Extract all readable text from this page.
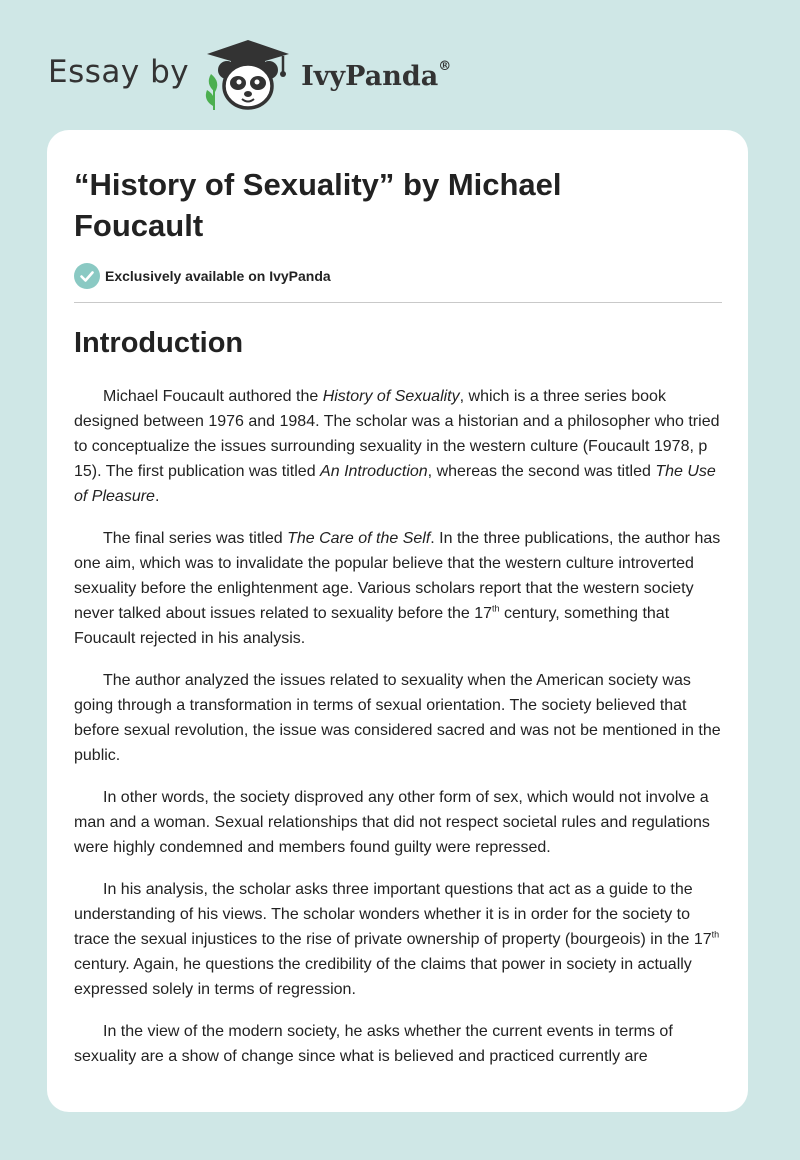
Essay by	IvyPanda®
“History of Sexuality” by Michael Foucault
Exclusively available on IvyPanda
Introduction

Michael Foucault authored the History of Sexuality, which is a three series book designed between 1976 and 1984. The scholar was a historian and a philosopher who tried to conceptualize the issues surrounding sexuality in the western culture (Foucault 1978, p 15). The first publication was titled An Introduction, whereas the second was titled The Use of Pleasure.

The final series was titled The Care of the Self. In the three publications, the author has one aim, which was to invalidate the popular believe that the western culture introverted sexuality before the enlightenment age. Various scholars report that the western society never talked about issues related to sexuality before the 17th century, something that Foucault rejected in his analysis.

The author analyzed the issues related to sexuality when the American society was going through a transformation in terms of sexual orientation. The society believed that before sexual revolution, the issue was considered sacred and was not be mentioned in the public.

In other words, the society disproved any other form of sex, which would not involve a man and a woman. Sexual relationships that did not respect societal rules and regulations were highly condemned and members found guilty were repressed.

In his analysis, the scholar asks three important questions that act as a guide to the understanding of his views. The scholar wonders whether it is in order for the society to trace the sexual injustices to the rise of private ownership of property (bourgeois) in the 17th century. Again, he questions the credibility of the claims that power in society in actually expressed solely in terms of regression.

In the view of the modern society, he asks whether the current events in terms of sexuality are a show of change since what is believed and practiced currently are
